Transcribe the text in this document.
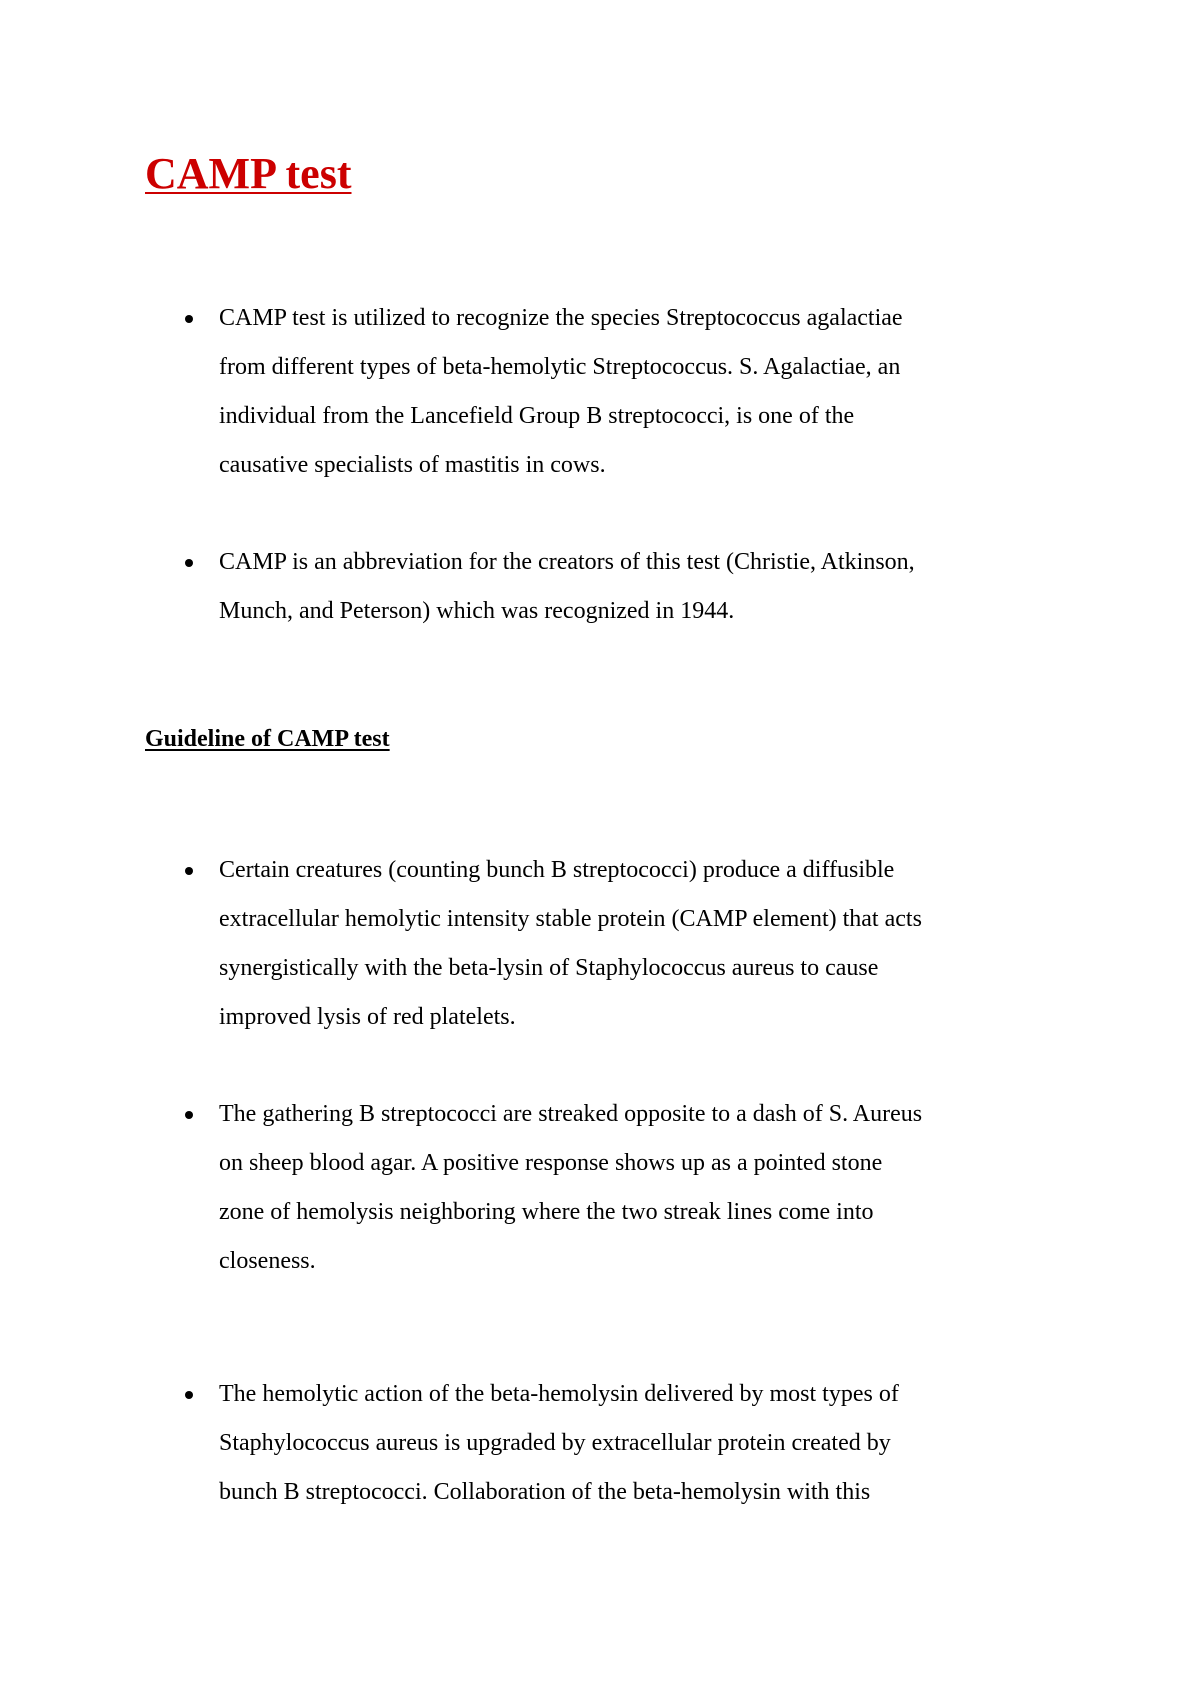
CAMP test
CAMP test is utilized to recognize the species Streptococcus agalactiae
from different types of beta-hemolytic Streptococcus. S. Agalactiae, an
individual from the Lancefield Group B streptococci, is one of the
causative specialists of mastitis in cows.
CAMP is an abbreviation for the creators of this test (Christie, Atkinson,
Munch, and Peterson) which was recognized in 1944.
Guideline of CAMP test
Certain creatures (counting bunch B streptococci) produce a diffusible
extracellular hemolytic intensity stable protein (CAMP element) that acts
synergistically with the beta-lysin of Staphylococcus aureus to cause
improved lysis of red platelets.
The gathering B streptococci are streaked opposite to a dash of S. Aureus
on sheep blood agar. A positive response shows up as a pointed stone
zone of hemolysis neighboring where the two streak lines come into
closeness.
The hemolytic action of the beta-hemolysin delivered by most types of
Staphylococcus aureus is upgraded by extracellular protein created by
bunch B streptococci. Collaboration of the beta-hemolysin with this
